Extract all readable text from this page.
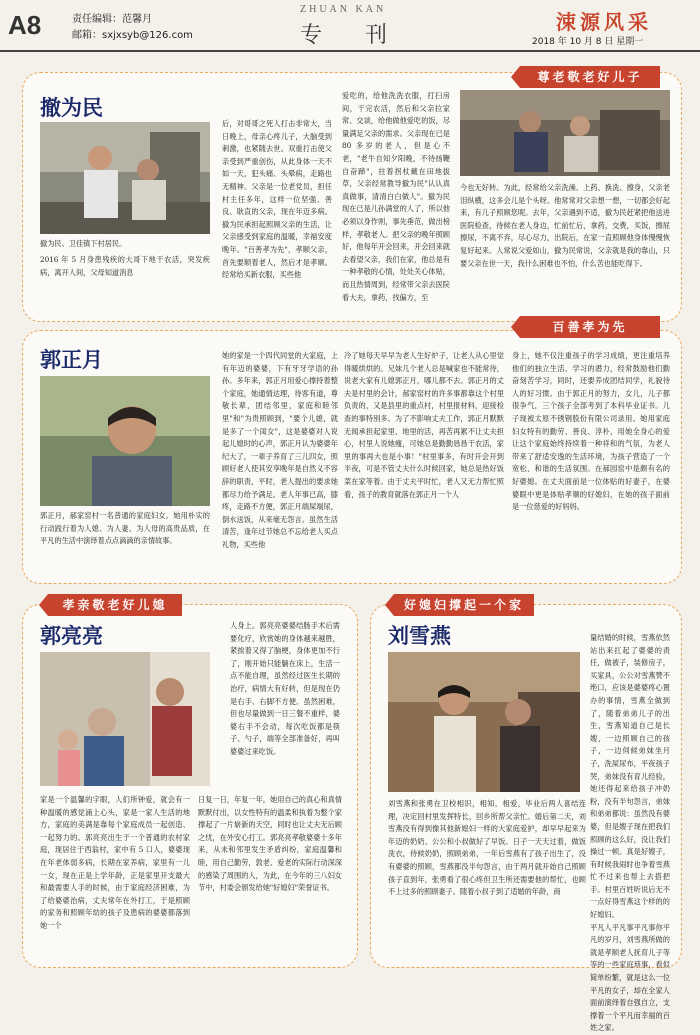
A8	责任编辑：范馨月
邮箱：sxjxsyb@126.com
ZHUAN KAN
专 刊
涑源风采
2018 年 10 月 8 日 星期一
尊老敬老好儿子
撤为民
撤为民、卫佳镇下村居民。
2016 年 5 月身患残疾的大哥下地干农活，突发疾病，离开人间，父母知道消息
后，对哥哥之死人打击非常大，当日晚上，母亲心疼儿子，大脑受到刺激，也紧随去世。双重打击使父亲受到严重创伤，从此身体一天不如一天，犯头痛、头晕病，走路也无精神。父亲是一位老党员，担任村主任多年，这样一位坚强、善良、耿直的父亲，现在年迈多病。撤为民承担起照顾父亲的生活，让父亲感受到家庭的温暖，幸福安度晚年。"百善孝为先"，孝顺父亲，首先要顺着老人，然后才是孝顺。经常给买新衣服，买些他
爱吃的，给他洗洗衣服，打扫房间，干完农活，然后和父亲拉家常、交谈，给他做他爱吃的饭，尽量满足父亲的需求。父亲现在已是 80 多岁的老人，但是心不老，"老牛自知夕阳晚，不待扬鞭自奋蹄"，拄着拐杖戴在田地拔草，父亲经常教导撤为民"认认真真做事，清清白白做人"。撤为民现在已是儿孙满堂的人了，所以他必须以身作则，事先垂范，做出榜样，孝敬老人。把父亲的晚年照顾好，他每年开会回来，开会回来就去看望父亲，我们在家，他总是有一种孝敬的心情，处处关心体贴，而且热情周到，经常带父亲去医院看大夫，拿药，找偏方，至
今也无好转。为此，经常给父亲洗澡、上药、换洗、擦身，父亲老泪纵横，这多会儿是个头呀。他常常对父亲想一想，一切都会好起来，有儿子照顾您呢。去年，父亲遇到不适，撤为民赶紧把他送进医院检查，待候在老人身边，忙前忙后，拿药，交费，买饭，擦屁擦尿，不离不弃，尽心尽力，出院后，在家一直照顾他身体慢慢恢复好起来。人常说父爱如山，撤为民常说，父亲就是我的靠山，只要父亲在世一天，我什么困难也不怕，什么苦也能吃得下。
百善孝为先
郭正月
郭正月，郝家窑村一名普通的家庭妇女。她用朴实的行动践行着为人媳、为人妻、为人母的高贵品质，在平凡的生活中演绎着点点滴滴的亲情故事。
她的家是一个四代同堂的大家庭，上有年迈的婆婆，下有牙牙学语的孙孙。多年来，郭正月用爱心撑持着整个家庭，她通情达理，待客有道，尊敬长辈，团结邻里，家庭和睦邻里"和"为贵照顾到，"要个儿媳，就是多了一个闺女"，这是婆婆对人说起儿媳时的心声，郭正月认为婆婆年纪大了，一辈子养育了三儿四女，照顾好老人使其安享晚年是自然义不容辞的职责，平时，老人提出的要求她都尽力给予满足。老人年事已高，膝疼，走路不方便，郭正月端屎端尿，倒水送饭，从来毫无怨言。虽然生活清苦，逢年过节她总不忘给老人买点礼物，买些他
冷了她每天早早为老人生好炉子，让老人从心里觉得暖烘烘的。兄妹几个老人总是喊家也不能常待，说老大家有儿媳郭正月，哪儿都不去。郭正月的丈夫是村里的会计，郝家窑村的许多事都靠这个村里负责的，又是县里的重点村，村里报材料，迎接检查的事特别多。为了不影响丈夫工作，郭正月默默无闻承担起家里、地里的活，再苦再累不让丈夫担心，村里人说她瘦，可她总是勤勤恳恳干农活，家里的事再大也是小事！"村里事多，有时开会开到半夜，可是不管丈夫什么时候回家，她总是热好饭菜在家等着。由于丈夫平时忙，老人又无力帮忙照看，孩子的教育就落在郭正月一个人
身上，她不仅注重孩子的学习成绩，更注重培养他们的独立生活、学习的潜力，经常鼓励他们勤奋刻苦学习，同时，还要养成团结同学，礼貌待人的好习惯。由于郭正月的努力，女儿，儿子都很争气，三个孩子全部考到了本科毕业证书。儿子现被太原不锈钢股份有限公司录用。她用家庭妇女特有的勤劳、善良、淳朴，用她全身心的爱让这个家庭始终持续着一种祥和的气氛，为老人带来了舒适安逸的生活环境，为孩子营造了一个宽松、和谐的生活氛围。在郝园窑中是颇有名的好婆媳。在丈夫面前是一位体贴的好妻子，在婆婆眼中更是体贴孝顺的好媳妇，在她的孩子面前是一位慈爱的好妈妈。
孝亲敬老好儿媳
郭亮亮	人身上。郭亮亮婆婆结肠手术后需要化疗，欣赏她的身体越来越胜，紧挨着又得了脑梗，身体更加不行了，刚开始只能躺在床上，生活一点不能自理，虽然经过医生长期的治疗，病情大有好转，但是现在仍是右手、右脚不方便。虽然困难，但也尽量做到一日三餐不重样，婆婆右手不会动，每次吃饭都是筷子、勺子，端等全部准备好，再叫婆婆过来吃饭。
家是一个温馨的字眼，人们所钟爱，就会有一种温暖的感觉涌上心头，家是一家人生活的地方，家庭的美满是靠每个家庭成员一起创造、一起努力的。郭亮亮出生于一个普通的农村家庭，现居住于西翁村，家中有 5 口人，婆婆现在年老体弱多病，长期在家养病，家里有一儿一女，现在正是上学年龄，正是家里开支最大和最需要人手的时候，由于家庭经济困难，为了给婆婆治病，丈夫常年在外打工，于是照顾的家务和照顾年幼的孩子及患病的婆婆都落到她一个
日复一日，年复一年，她用自己的真心和真情默默付出，以女性特有的温柔和执着为整个家撑起了一片崭新的天空，同时也让丈夫无后顾之忧，在外安心打工。郭亮亮孝敬婆婆十多年来，从未和邻里发生矛盾纠纷，家庭温馨和睦，用自己勤劳，敦老、爱老的实际行动深深的感染了周围的人，为此，在今年的三八妇女节中，村委会颁发给她"好媳妇"荣誉证书。
好媳妇撑起一个家
刘雪燕	量结婚的时候，雪燕依然站出来扛起了婆婆的责任，做被子，装修房子，买家具，公公对雪燕赞不绝口，应该是婆婆疼心置办的事情，雪燕全做到了，随着弟弟儿子的出生，雪燕知道自己是长嫂，一边照顾自己的孩子，一边伺候弟妹坐月子，洗屎尿布，平夜孩子哭，弟妹没有育儿经验，她还得起来给孩子冲奶粉，没有半句怨言，弟妹和弟弟都说：虽然没有婆婆，但是嫂子现在把我们照顾的这么好，没让我们操过一顿。真是好嫂子，有时候我闹时也争着雪燕忙不过来也帮上去搭把手。村里百姓听说后无不一点好得雪燕这个样的的好媳妇。
平凡人平凡事平凡事你平凡的岁月，刘雪燕所做的就是孝顺老人抚育儿子等等的一些家庭琐事，看似简单纷繁，就是这么一位平凡的女子，却在全家人面前演绎着自强自立，支撑着一个平凡而幸福的百姓之家。
刘雪燕和张勇在卫校相识，相知，相爱，毕业后两人喜结连理，决定回村里发挥特长，回乡所帮父亲忙。婚后第二天，刘雪燕没有得到像其他新媳妇一样的大家庭爱护，却早早起来为年迈的奶奶、公公和小叔做好了早饭。日子一天天过着，做饭洗衣，侍候奶奶，照顾弟弟，一年后雪燕有了孩子出生了，没有婆婆的照顾，雪燕都没半句怨言，由于两月就开始自己照顾孩子直到年，张勇看了很心疼但卫生所还需要他的帮忙，也顾不上过多的照顾妻子。随着小叔子到了适婚的年龄，商
